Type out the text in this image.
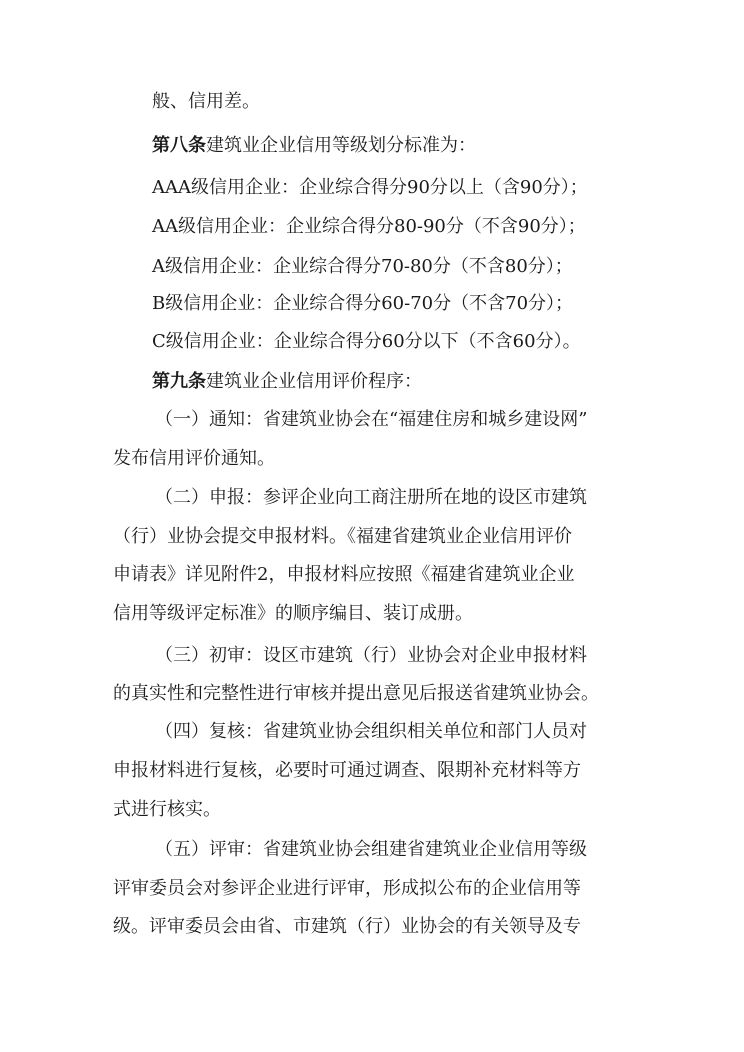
般、信用差。

第八条建筑业企业信用等级划分标准为：

AAA级信用企业：企业综合得分90分以上（含90分）；

AA级信用企业：企业综合得分80-90分（不含90分）；

A级信用企业：企业综合得分70-80分（不含80分）；

B级信用企业：企业综合得分60-70分（不含70分）；

C级信用企业：企业综合得分60分以下（不含60分）。

第九条建筑业企业信用评价程序：

（一）通知：省建筑业协会在“福建住房和城乡建设网”

发布信用评价通知。

（二）申报：参评企业向工商注册所在地的设区市建筑

（行）业协会提交申报材料。《福建省建筑业企业信用评价

申请表》详见附件2，申报材料应按照《福建省建筑业企业

信用等级评定标准》的顺序编目、装订成册。

（三）初审：设区市建筑（行）业协会对企业申报材料

的真实性和完整性进行审核并提出意见后报送省建筑业协会。

（四）复核：省建筑业协会组织相关单位和部门人员对

申报材料进行复核，必要时可通过调查、限期补充材料等方

式进行核实。

（五）评审：省建筑业协会组建省建筑业企业信用等级

评审委员会对参评企业进行评审，形成拟公布的企业信用等

级。评审委员会由省、市建筑（行）业协会的有关领导及专
